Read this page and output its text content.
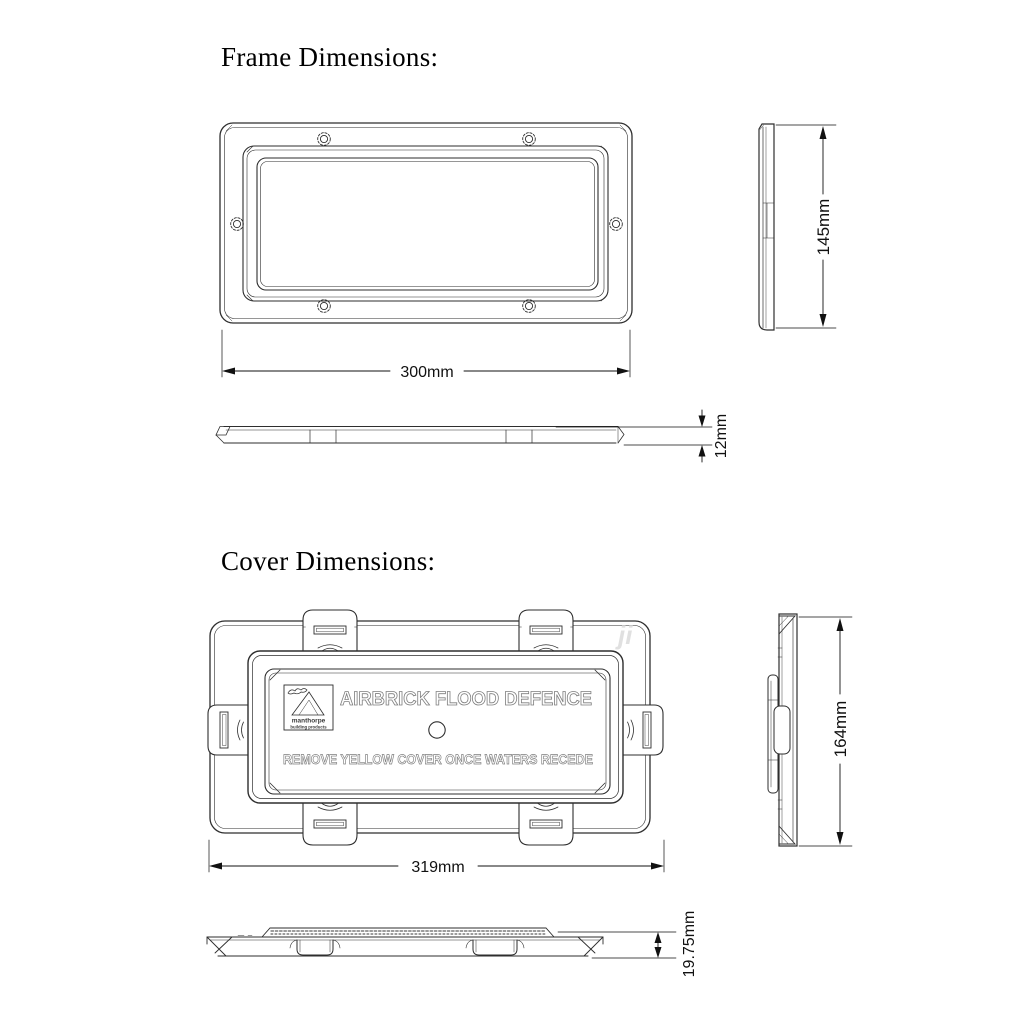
Frame Dimensions:
Cover Dimensions:
300mm
145mm
12mm
manthorpe
building products
AIRBRICK FLOOD DEFENCE
REMOVE YELLOW COVER ONCE WATERS RECEDE
319mm
164mm
19.75mm
ji
